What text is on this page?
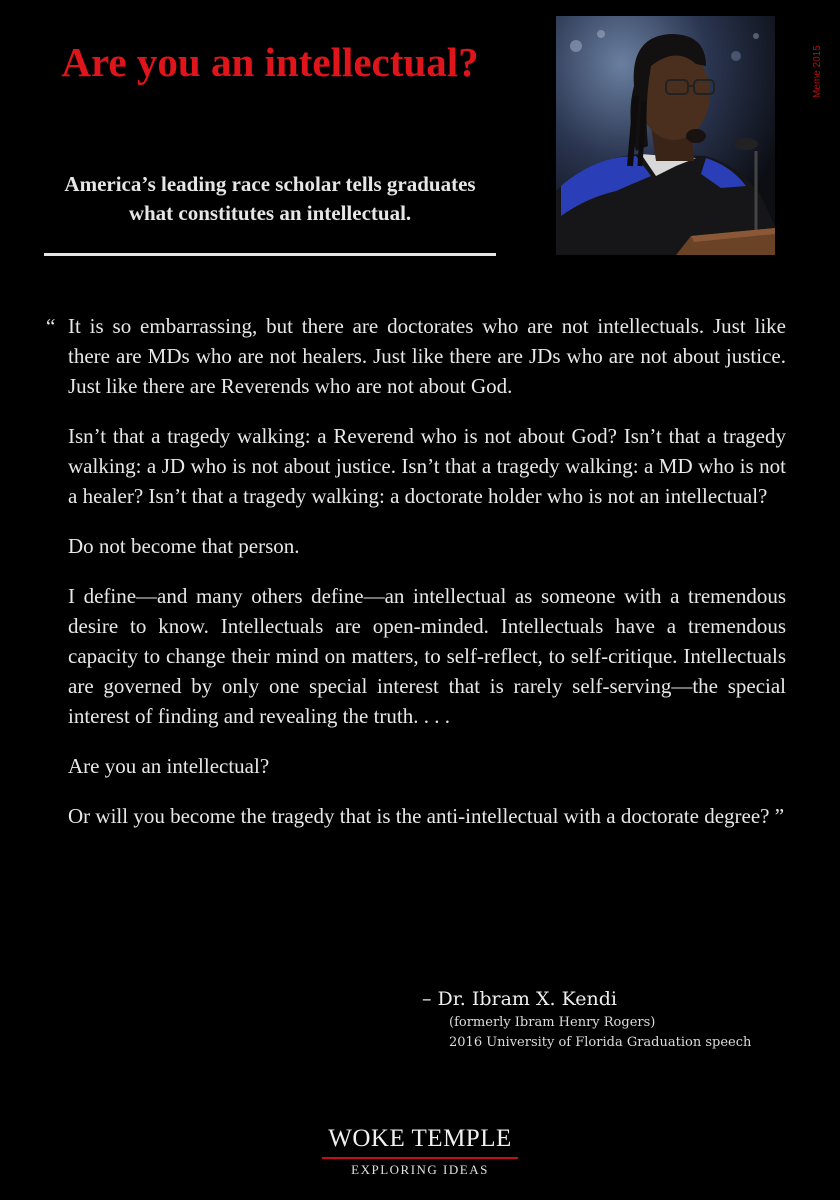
Are you an intellectual?

America’s leading race scholar tells graduates what constitutes an intellectual.

Meme 2015
“ It is so embarrassing, but there are doctorates who are not intellectuals. Just like there are MDs who are not healers. Just like there are JDs who are not about justice. Just like there are Reverends who are not about God.

Isn’t that a tragedy walking: a Reverend who is not about God? Isn’t that a tragedy walking: a JD who is not about justice. Isn’t that a tragedy walking: a MD who is not a healer? Isn’t that a tragedy walking: a doctorate holder who is not an intellectual?

Do not become that person.

I define—and many others define—an intellectual as someone with a tremendous desire to know. Intellectuals are open-minded. Intellectuals have a tremendous capacity to change their mind on matters, to self-reflect, to self-critique. Intellectuals are governed by only one special interest that is rarely self-serving—the special interest of finding and revealing the truth. . . .

Are you an intellectual?

Or will you become the tragedy that is the anti-intellectual with a doctorate degree? ”

– Dr. Ibram X. Kendi
(formerly Ibram Henry Rogers)
2016 University of Florida Graduation speech
WOKE TEMPLE
EXPLORING IDEAS
